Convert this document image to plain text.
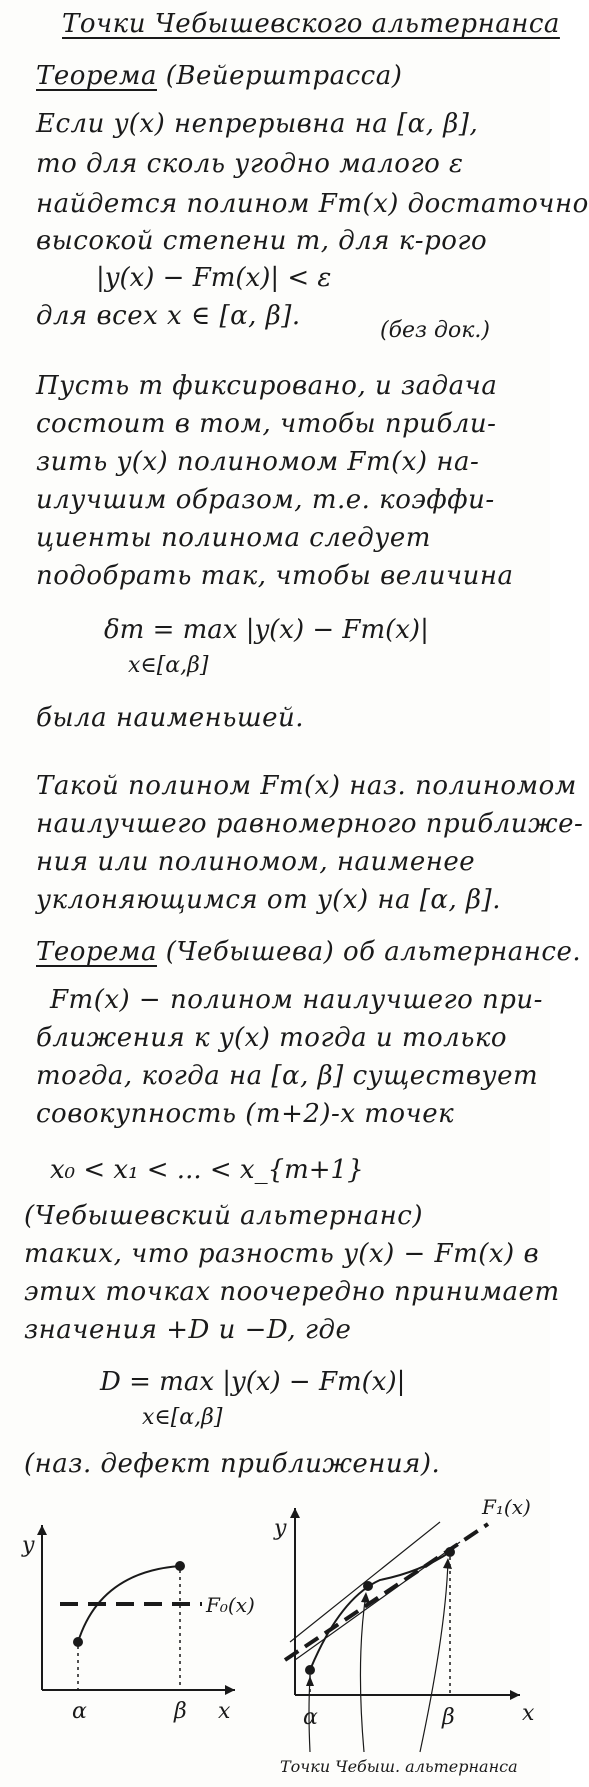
Точки Чебышевского альтернанса
Теорема (Вейерштрасса)
Если y(x) непрерывна на [α, β],
то для сколь угодно малого ε
найдется полином Fm(x) достаточно
высокой степени m, для к-рого
|y(x) − Fm(x)| < ε
для всех x ∈ [α, β].	(без док.)
Пусть m фиксировано, и задача
состоит в том, чтобы прибли-
зить y(x) полиномом Fm(x) на-
илучшим образом, т.е. коэффи-
циенты полинома следует
подобрать так, чтобы величина
δm = max |y(x) − Fm(x)|
x∈[α,β]
была наименьшей.
Такой полином Fm(x) наз. полиномом
наилучшего равномерного приближе-
ния или полиномом, наименее
уклоняющимся от y(x) на [α, β].
Теорема (Чебышева) об альтернансе.
Fm(x) − полином наилучшего при-
ближения к y(x) тогда и только
тогда, когда на [α, β] существует
совокупность (m+2)-х точек
x₀ < x₁ < ... < x_{m+1}
(Чебышевский альтернанс)
таких, что разность y(x) − Fm(x) в
этих точках поочередно принимает
значения +D и −D, где
D = max |y(x) − Fm(x)|
x∈[α,β]
(наз. дефект приближения).
y
x
F₀(x)
α	β
y
x
F₁(x)
α	β
Точки Чебыш. альтернанса
